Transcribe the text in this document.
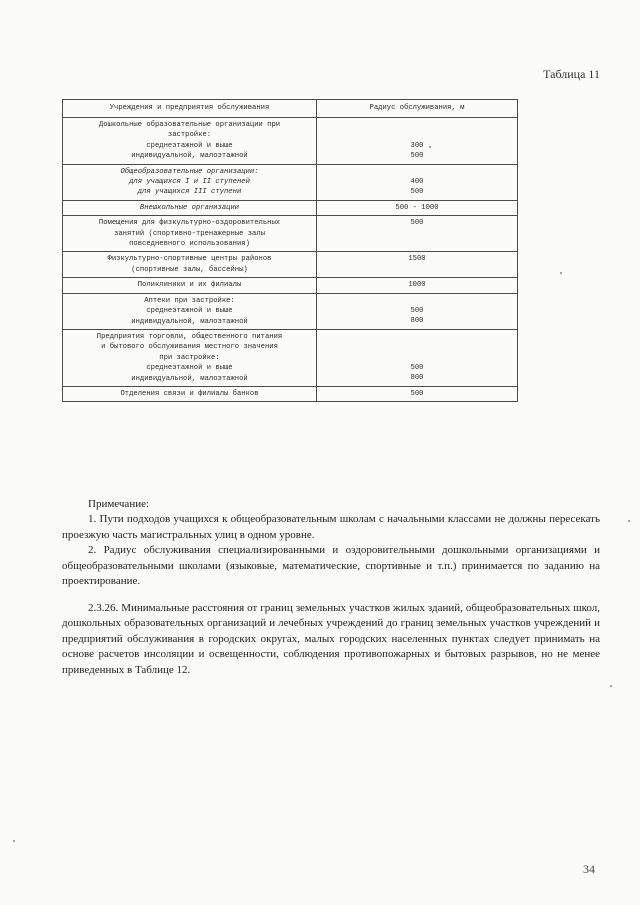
Таблица 11
Учреждения и предприятия обслуживания	Радиус обслуживания, м

Дошкольные образовательные организации при
застройке:
среднеэтажной и выше
индивидуальной, малоэтажной	300
500

Общеобразовательные организации:
для учащихся I и II ступеней
для учащихся III ступени	400
500

Внешкольные организации	500 - 1000

Помещения для физкультурно-оздоровительных
занятий (спортивно-тренажерные залы
повседневного использования)	500

Физкультурно-спортивные центры районов
(спортивные залы, бассейны)	1500

Поликлиники и их филиалы	1000

Аптеки при застройке:
среднеэтажной и выше
индивидуальной, малоэтажной	500
800

Предприятия торговли, общественного питания
и бытового обслуживания местного значения
при застройке:
среднеэтажной и выше
индивидуальной, малоэтажной	500
800

Отделения связи и филиалы банков	500

Примечание:

1. Пути подходов учащихся к общеобразовательным школам с начальными классами не должны пересекать проезжую часть магистральных улиц в одном уровне.

2. Радиус обслуживания специализированными и оздоровительными дошкольными организациями и общеобразовательными школами (языковые, математические, спортивные и т.п.) принимается по заданию на проектирование.

2.3.26. Минимальные расстояния от границ земельных участков жилых зданий, общеобразовательных школ, дошкольных образовательных организаций и лечебных учреждений до границ земельных участков учреждений и предприятий обслуживания в городских округах, малых городских населенных пунктах следует принимать на основе расчетов инсоляции и освещенности, соблюдения противопожарных и бытовых разрывов, но не менее приведенных в Таблице 12.

34
